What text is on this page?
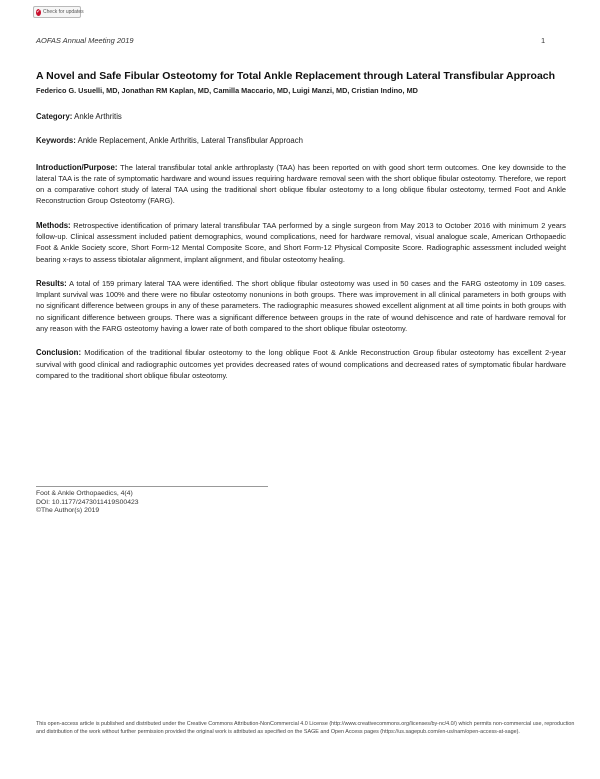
✓ Check for updates
AOFAS Annual Meeting 2019	1
A Novel and Safe Fibular Osteotomy for Total Ankle Replacement through Lateral Transfibular Approach
Federico G. Usuelli, MD, Jonathan RM Kaplan, MD, Camilla Maccario, MD, Luigi Manzi, MD, Cristian Indino, MD
Category: Ankle Arthritis
Keywords: Ankle Replacement, Ankle Arthritis, Lateral Transfibular Approach

Introduction/Purpose: The lateral transfibular total ankle arthroplasty (TAA) has been reported on with good short term outcomes. One key downside to the lateral TAA is the rate of symptomatic hardware and wound issues requiring hardware removal seen with the short oblique fibular osteotomy. Therefore, we report on a comparative cohort study of lateral TAA using the traditional short oblique fibular osteotomy to a long oblique fibular osteotomy, termed Foot and Ankle Reconstruction Group Osteotomy (FARG).

Methods: Retrospective identification of primary lateral transfibular TAA performed by a single surgeon from May 2013 to October 2016 with minimum 2 years follow-up. Clinical assessment included patient demographics, wound complications, need for hardware removal, visual analogue scale, American Orthopaedic Foot & Ankle Society score, Short Form-12 Mental Composite Score, and Short Form-12 Physical Composite Score. Radiographic assessment included weight bearing x-rays to assess tibiotalar alignment, implant alignment, and fibular osteotomy healing.

Results: A total of 159 primary lateral TAA were identified. The short oblique fibular osteotomy was used in 50 cases and the FARG osteotomy in 109 cases. Implant survival was 100% and there were no fibular osteotomy nonunions in both groups. There was improvement in all clinical parameters in both groups with no significant difference between groups in any of these parameters. The radiographic measures showed excellent alignment at all time points in both groups with no significant difference between groups. There was a significant difference between groups in the rate of wound dehiscence and rate of hardware removal for any reason with the FARG osteotomy having a lower rate of both compared to the short oblique fibular osteotomy.

Conclusion: Modification of the traditional fibular osteotomy to the long oblique Foot & Ankle Reconstruction Group fibular osteotomy has excellent 2-year survival with good clinical and radiographic outcomes yet provides decreased rates of wound complications and decreased rates of symptomatic fibular hardware compared to the traditional short oblique fibular osteotomy.

Foot & Ankle Orthopaedics, 4(4)
DOI: 10.1177/2473011419S00423
©The Author(s) 2019
This open-access article is published and distributed under the Creative Commons Attribution-NonCommercial 4.0 License (http://www.creativecommons.org/licenses/by-nc/4.0/) which permits non-commercial use, reproduction and distribution of the work without further permission provided the original work is attributed as specified on the SAGE and Open Access pages (https://us.sagepub.com/en-us/nam/open-access-at-sage).
